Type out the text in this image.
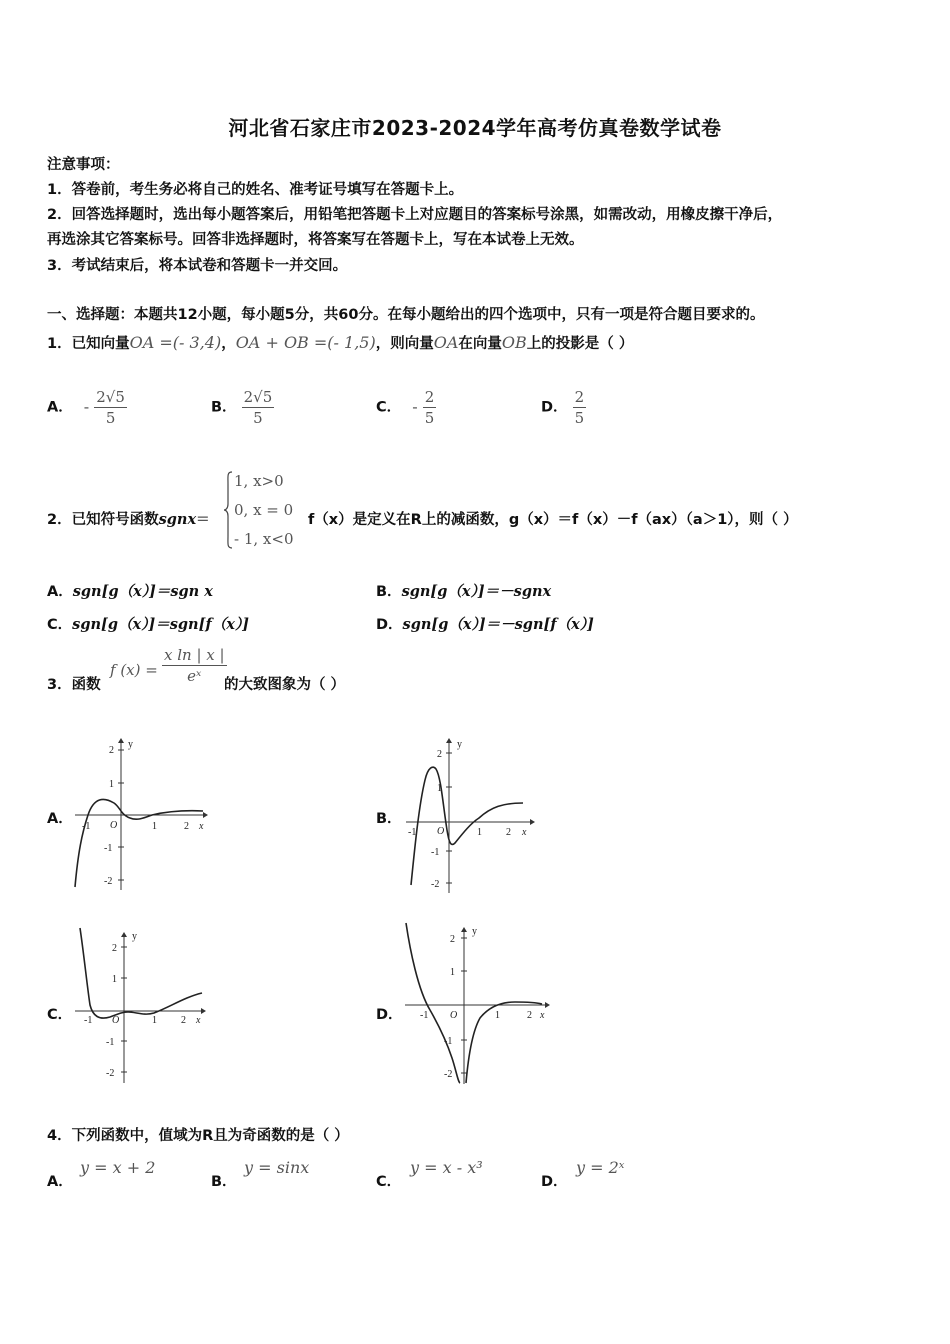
河北省石家庄市2023-2024学年高考仿真卷数学试卷
注意事项：
1．答卷前，考生务必将自己的姓名、准考证号填写在答题卡上。
2．回答选择题时，选出每小题答案后，用铅笔把答题卡上对应题目的答案标号涂黑，如需改动，用橡皮擦干净后，
再选涂其它答案标号。回答非选择题时，将答案写在答题卡上，写在本试卷上无效。
3．考试结束后，将本试卷和答题卡一并交回。
一、选择题：本题共12小题，每小题5分，共60分。在每小题给出的四个选项中，只有一项是符合题目要求的。
1．已知向量OA =(- 3,4)，OA + OB =(- 1,5)，则向量OA在向量OB上的投影是（ ）
A． - $\frac{2√5}{5}$	B． $\frac{2√5}{5}$	C． - $\frac{2}{5}$	D． $\frac{2}{5}$
2．已知符号函数sgnx=
1, x>0
0, x = 0
- 1, x<0
f（x）是定义在R上的减函数，g（x）＝f（x）－f（ax）（a＞1），则（ ）
A．sgn[g（x）]＝sgn x	B．sgn[g（x）]＝－sgnx
C．sgn[g（x）]＝sgn[f（x）]	D．sgn[g（x）]＝－sgn[f（x）]
3．函数
f $(x) = \frac{\text{x ln | x |}}{\text{eˣ}}$
的大致图象为（ ）
A．	B．
C．	D．
y
2
1
-1
-2
-1 O	1	2 x
y
2
1
-1
-2
-1 O	1 2 x
y
2
1
-1
-2
-1 O	1 2 x
y
2
1
-1
-2
-1 O	1	2 x
4．下列函数中，值域为R且为奇函数的是（ ）
A．
y = x + 2
B．
y = sinx
C．
y = x - x³
D．
y = 2ˣ
